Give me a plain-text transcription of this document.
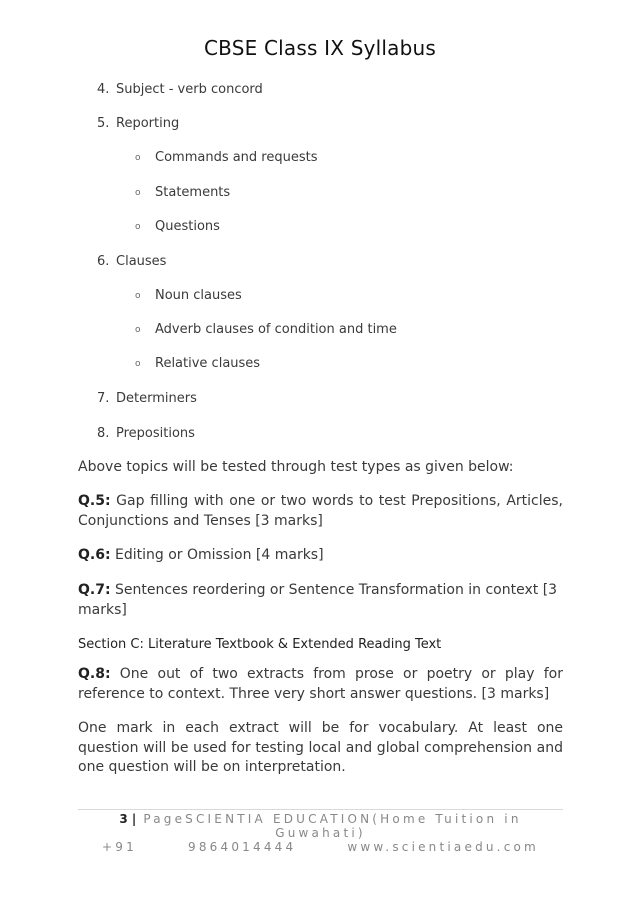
CBSE Class IX Syllabus

4. Subject - verb concord

5. Reporting

o Commands and requests

o Statements

o Questions

6. Clauses

o Noun clauses

o Adverb clauses of condition and time

o Relative clauses

7. Determiners

8. Prepositions

Above topics will be tested through test types as given below:

Q.5: Gap filling with one or two words to test Prepositions, Articles, Conjunctions and Tenses [3 marks]

Q.6: Editing or Omission [4 marks]

Q.7: Sentences reordering or Sentence Transformation in context [3 marks]

Section C: Literature Textbook & Extended Reading Text

Q.8: One out of two extracts from prose or poetry or play for reference to context. Three very short answer questions. [3 marks]

One mark in each extract will be for vocabulary. At least one question will be used for testing local and global comprehension and one question will be on interpretation.

3 | PageSCIENTIA EDUCATION(Home Tuition in Guwahati)
+91 9864014444	www.scientiaedu.com
